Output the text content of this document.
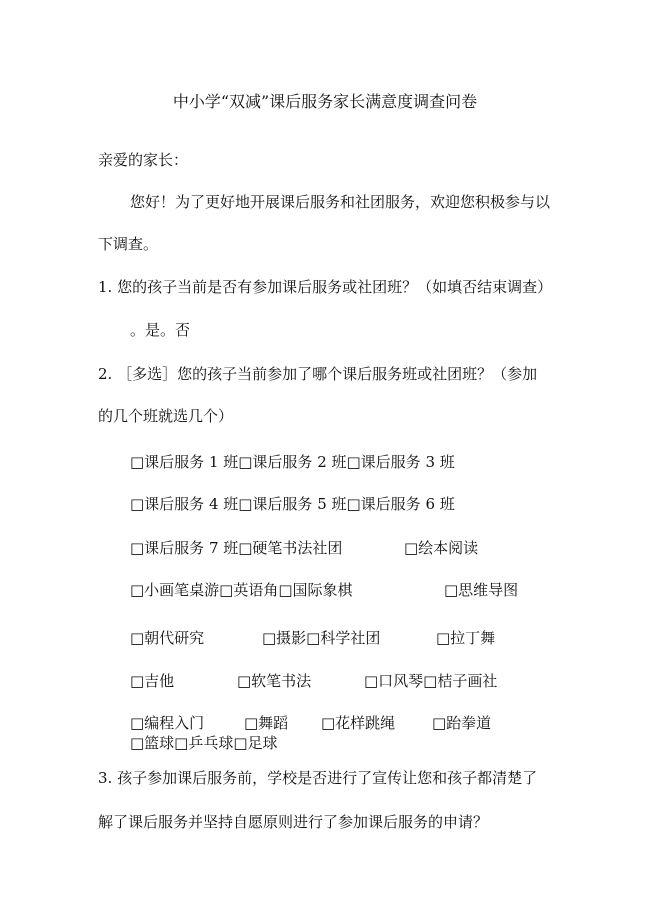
中小学“双减”课后服务家长满意度调查问卷
亲爱的家长：
您好！为了更好地开展课后服务和社团服务，欢迎您积极参与以
下调查。
1. 您的孩子当前是否有参加课后服务或社团班？（如填否结束调查）
。是。否
2. ［多选］您的孩子当前参加了哪个课后服务班或社团班？（参加
的几个班就选几个）
□课后服务 1 班□课后服务 2 班□课后服务 3 班
□课后服务 4 班□课后服务 5 班□课后服务 6 班
□课后服务 7 班□硬笔书法社团	□绘本阅读
□小画笔桌游□英语角□国际象棋	□思维导图
□朝代研究	□摄影□科学社团	□拉丁舞
□吉他	□软笔书法	□口风琴□桔子画社
□编程入门	□舞蹈 □花样跳绳 □跆拳道
□篮球□乒乓球□足球
3. 孩子参加课后服务前，学校是否进行了宣传让您和孩子都清楚了
解了课后服务并坚持自愿原则进行了参加课后服务的申请？
